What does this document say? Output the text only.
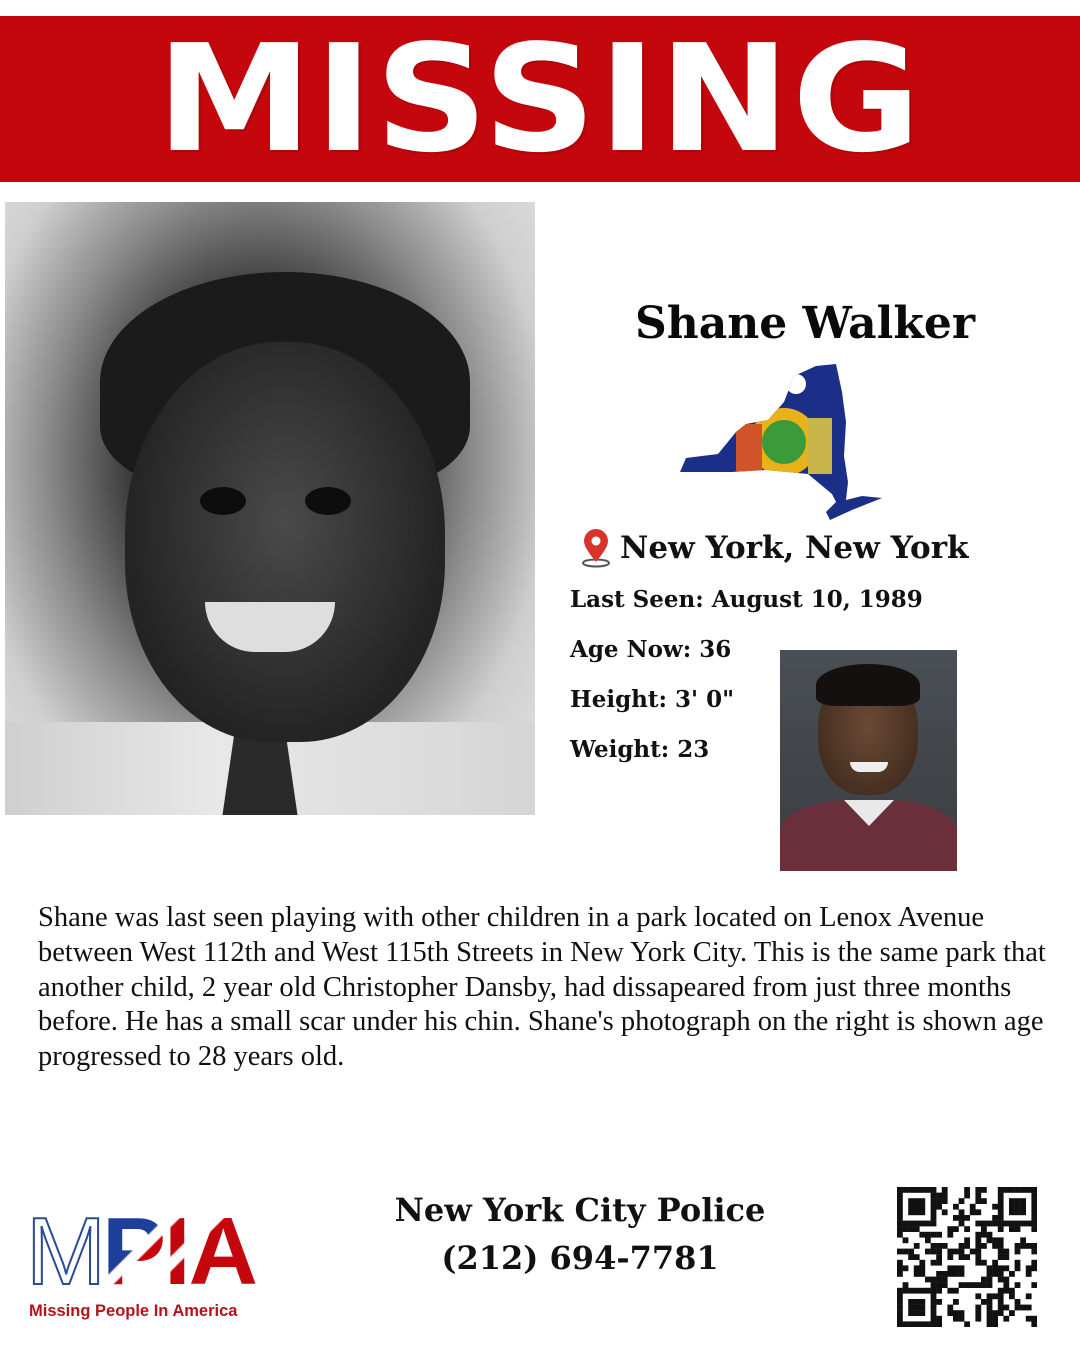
MISSING
Shane Walker
New York, New York
Last Seen: August 10, 1989
Age Now: 36
Height: 3' 0"
Weight: 23
Shane was last seen playing with other children in a park located on Lenox Avenue between West 112th and West 115th Streets in New York City. This is the same park that another child, 2 year old Christopher Dansby, had dissapeared from just three months before. He has a small scar under his chin. Shane's photograph on the right is shown age progressed to 28 years old.
M PIA
Missing People In America
New York City Police
(212) 694-7781
